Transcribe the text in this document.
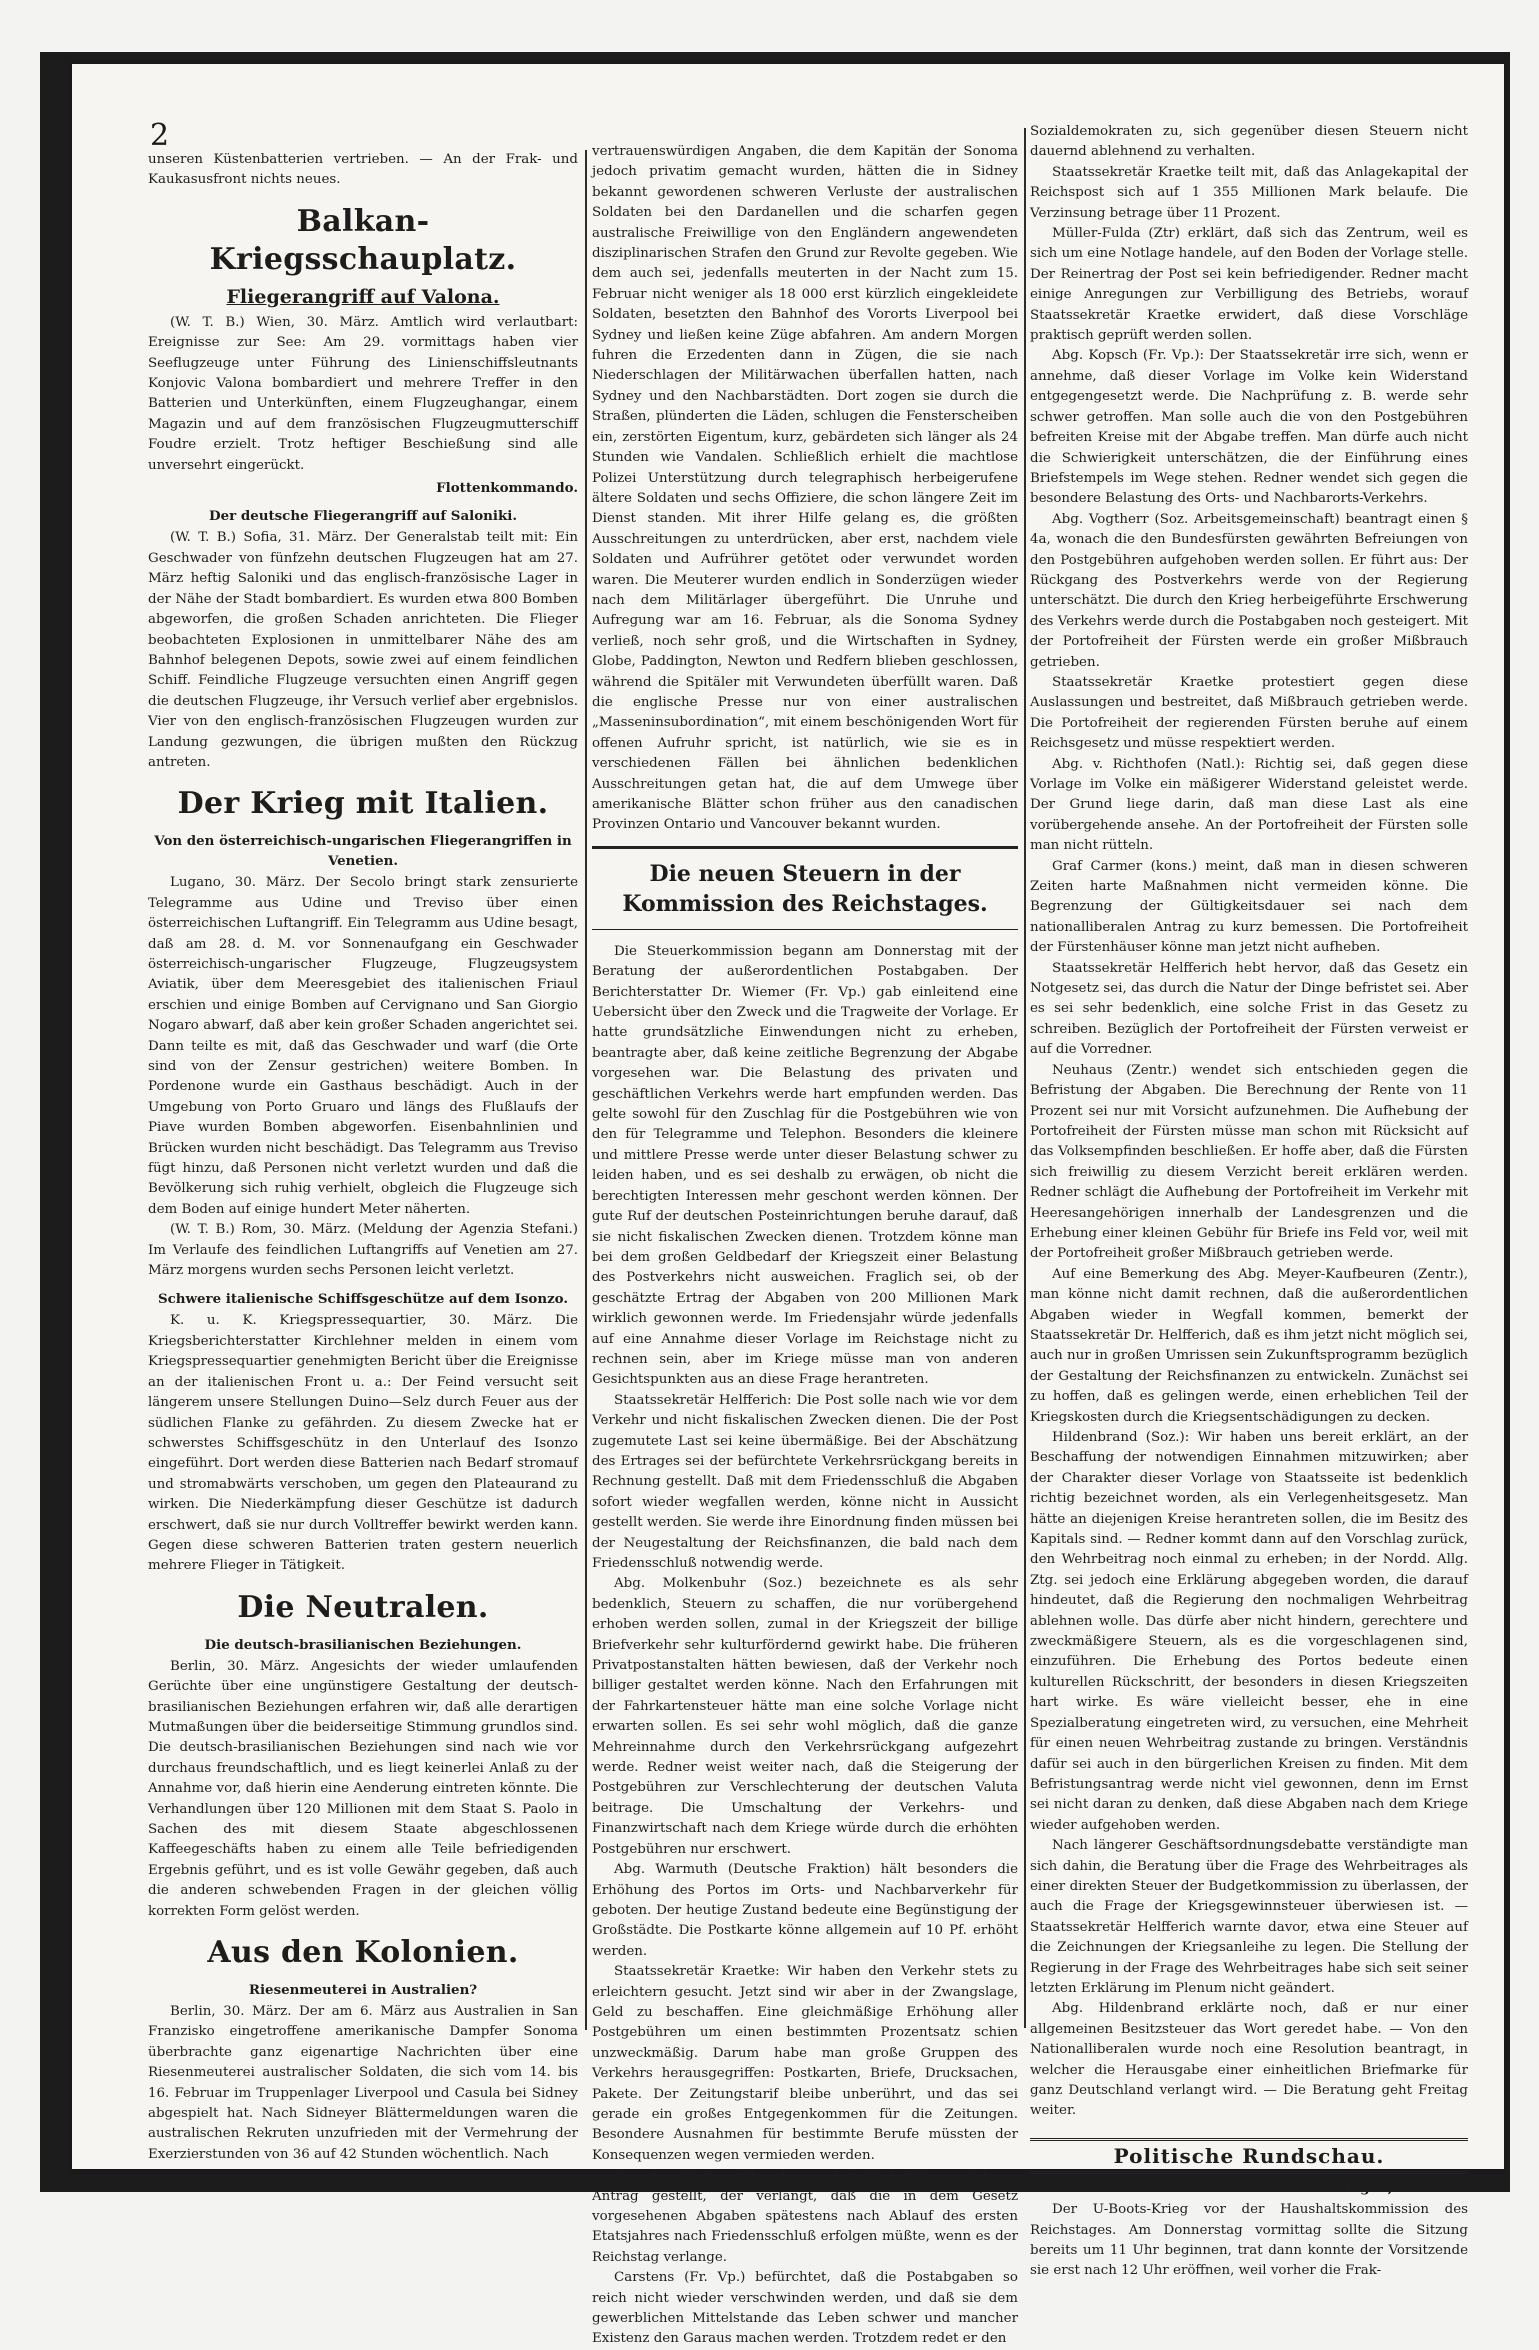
2

unseren Küstenbatterien vertrieben. — An der Frak- und Kaukasusfront nichts neues.

Balkan-Kriegsschauplatz.
Fliegerangriff auf Valona.

(W. T. B.) Wien, 30. März. Amtlich wird verlautbart: Ereignisse zur See: Am 29. vormittags haben vier Seeflugzeuge unter Führung des Linienschiffsleutnants Konjovic Valona bombardiert und mehrere Treffer in den Batterien und Unterkünften, einem Flugzeughangar, einem Magazin und auf dem französischen Flugzeugmutterschiff Foudre erzielt. Trotz heftiger Beschießung sind alle unversehrt eingerückt.

Flottenkommando.

Der deutsche Fliegerangriff auf Saloniki.

(W. T. B.) Sofia, 31. März. Der Generalstab teilt mit: Ein Geschwader von fünfzehn deutschen Flugzeugen hat am 27. März heftig Saloniki und das englisch-französische Lager in der Nähe der Stadt bombardiert. Es wurden etwa 800 Bomben abgeworfen, die großen Schaden anrichteten. Die Flieger beobachteten Explosionen in unmittelbarer Nähe des am Bahnhof belegenen Depots, sowie zwei auf einem feindlichen Schiff. Feindliche Flugzeuge versuchten einen Angriff gegen die deutschen Flugzeuge, ihr Versuch verlief aber ergebnislos. Vier von den englisch-französischen Flugzeugen wurden zur Landung gezwungen, die übrigen mußten den Rückzug antreten.

Der Krieg mit Italien.
Von den österreichisch-ungarischen Fliegerangriffen in Venetien.

Lugano, 30. März. Der Secolo bringt stark zensurierte Telegramme aus Udine und Treviso über einen österreichischen Luftangriff. Ein Telegramm aus Udine besagt, daß am 28. d. M. vor Sonnenaufgang ein Geschwader österreichisch-ungarischer Flugzeuge, Flugzeugsystem Aviatik, über dem Meeresgebiet des italienischen Friaul erschien und einige Bomben auf Cervignano und San Giorgio Nogaro abwarf, daß aber kein großer Schaden angerichtet sei. Dann teilte es mit, daß das Geschwader und warf (die Orte sind von der Zensur gestrichen) weitere Bomben. In Pordenone wurde ein Gasthaus beschädigt. Auch in der Umgebung von Porto Gruaro und längs des Flußlaufs der Piave wurden Bomben abgeworfen. Eisenbahnlinien und Brücken wurden nicht beschädigt. Das Telegramm aus Treviso fügt hinzu, daß Personen nicht verletzt wurden und daß die Bevölkerung sich ruhig verhielt, obgleich die Flugzeuge sich dem Boden auf einige hundert Meter näherten.

(W. T. B.) Rom, 30. März. (Meldung der Agenzia Stefani.) Im Verlaufe des feindlichen Luftangriffs auf Venetien am 27. März morgens wurden sechs Personen leicht verletzt.

Schwere italienische Schiffsgeschütze auf dem Isonzo.

K. u. K. Kriegspressequartier, 30. März. Die Kriegsberichterstatter Kirchlehner melden in einem vom Kriegspressequartier genehmigten Bericht über die Ereignisse an der italienischen Front u. a.: Der Feind versucht seit längerem unsere Stellungen Duino—Selz durch Feuer aus der südlichen Flanke zu gefährden. Zu diesem Zwecke hat er schwerstes Schiffsgeschütz in den Unterlauf des Isonzo eingeführt. Dort werden diese Batterien nach Bedarf stromauf und stromabwärts verschoben, um gegen den Plateaurand zu wirken. Die Niederkämpfung dieser Geschütze ist dadurch erschwert, daß sie nur durch Volltreffer bewirkt werden kann. Gegen diese schweren Batterien traten gestern neuerlich mehrere Flieger in Tätigkeit.

Die Neutralen.
Die deutsch-brasilianischen Beziehungen.

Berlin, 30. März. Angesichts der wieder umlaufenden Gerüchte über eine ungünstigere Gestaltung der deutsch-brasilianischen Beziehungen erfahren wir, daß alle derartigen Mutmaßungen über die beiderseitige Stimmung grundlos sind. Die deutsch-brasilianischen Beziehungen sind nach wie vor durchaus freundschaftlich, und es liegt keinerlei Anlaß zu der Annahme vor, daß hierin eine Aenderung eintreten könnte. Die Verhandlungen über 120 Millionen mit dem Staat S. Paolo in Sachen des mit diesem Staate abgeschlossenen Kaffeegeschäfts haben zu einem alle Teile befriedigenden Ergebnis geführt, und es ist volle Gewähr gegeben, daß auch die anderen schwebenden Fragen in der gleichen völlig korrekten Form gelöst werden.

Aus den Kolonien.
Riesenmeuterei in Australien?

Berlin, 30. März. Der am 6. März aus Australien in San Franzisko eingetroffene amerikanische Dampfer Sonoma überbrachte ganz eigenartige Nachrichten über eine Riesenmeuterei australischer Soldaten, die sich vom 14. bis 16. Februar im Truppenlager Liverpool und Casula bei Sidney abgespielt hat. Nach Sidneyer Blättermeldungen waren die australischen Rekruten unzufrieden mit der Vermehrung der Exerzierstunden von 36 auf 42 Stunden wöchentlich. Nach

vertrauenswürdigen Angaben, die dem Kapitän der Sonoma jedoch privatim gemacht wurden, hätten die in Sidney bekannt gewordenen schweren Verluste der australischen Soldaten bei den Dardanellen und die scharfen gegen australische Freiwillige von den Engländern angewendeten disziplinarischen Strafen den Grund zur Revolte gegeben. Wie dem auch sei, jedenfalls meuterten in der Nacht zum 15. Februar nicht weniger als 18 000 erst kürzlich eingekleidete Soldaten, besetzten den Bahnhof des Vororts Liverpool bei Sydney und ließen keine Züge abfahren. Am andern Morgen fuhren die Erzedenten dann in Zügen, die sie nach Niederschlagen der Militärwachen überfallen hatten, nach Sydney und den Nachbarstädten. Dort zogen sie durch die Straßen, plünderten die Läden, schlugen die Fensterscheiben ein, zerstörten Eigentum, kurz, gebärdeten sich länger als 24 Stunden wie Vandalen. Schließlich erhielt die machtlose Polizei Unterstützung durch telegraphisch herbeigerufene ältere Soldaten und sechs Offiziere, die schon längere Zeit im Dienst standen. Mit ihrer Hilfe gelang es, die größten Ausschreitungen zu unterdrücken, aber erst, nachdem viele Soldaten und Aufrührer getötet oder verwundet worden waren. Die Meuterer wurden endlich in Sonderzügen wieder nach dem Militärlager übergeführt. Die Unruhe und Aufregung war am 16. Februar, als die Sonoma Sydney verließ, noch sehr groß, und die Wirtschaften in Sydney, Globe, Paddington, Newton und Redfern blieben geschlossen, während die Spitäler mit Verwundeten überfüllt waren. Daß die englische Presse nur von einer australischen „Masseninsubordination“, mit einem beschönigenden Wort für offenen Aufruhr spricht, ist natürlich, wie sie es in verschiedenen Fällen bei ähnlichen bedenklichen Ausschreitungen getan hat, die auf dem Umwege über amerikanische Blätter schon früher aus den canadischen Provinzen Ontario und Vancouver bekannt wurden.

Die neuen Steuern in der Kommission des Reichstages.

Die Steuerkommission begann am Donnerstag mit der Beratung der außerordentlichen Postabgaben. Der Berichterstatter Dr. Wiemer (Fr. Vp.) gab einleitend eine Uebersicht über den Zweck und die Tragweite der Vorlage. Er hatte grundsätzliche Einwendungen nicht zu erheben, beantragte aber, daß keine zeitliche Begrenzung der Abgabe vorgesehen war. Die Belastung des privaten und geschäftlichen Verkehrs werde hart empfunden werden. Das gelte sowohl für den Zuschlag für die Postgebühren wie von den für Telegramme und Telephon. Besonders die kleinere und mittlere Presse werde unter dieser Belastung schwer zu leiden haben, und es sei deshalb zu erwägen, ob nicht die berechtigten Interessen mehr geschont werden können. Der gute Ruf der deutschen Posteinrichtungen beruhe darauf, daß sie nicht fiskalischen Zwecken dienen. Trotzdem könne man bei dem großen Geldbedarf der Kriegszeit einer Belastung des Postverkehrs nicht ausweichen. Fraglich sei, ob der geschätzte Ertrag der Abgaben von 200 Millionen Mark wirklich gewonnen werde. Im Friedensjahr würde jedenfalls auf eine Annahme dieser Vorlage im Reichstage nicht zu rechnen sein, aber im Kriege müsse man von anderen Gesichtspunkten aus an diese Frage herantreten.

Staatssekretär Helfferich: Die Post solle nach wie vor dem Verkehr und nicht fiskalischen Zwecken dienen. Die der Post zugemutete Last sei keine übermäßige. Bei der Abschätzung des Ertrages sei der befürchtete Verkehrsrückgang bereits in Rechnung gestellt. Daß mit dem Friedensschluß die Abgaben sofort wieder wegfallen werden, könne nicht in Aussicht gestellt werden. Sie werde ihre Einordnung finden müssen bei der Neugestaltung der Reichsfinanzen, die bald nach dem Friedensschluß notwendig werde.

Abg. Molkenbuhr (Soz.) bezeichnete es als sehr bedenklich, Steuern zu schaffen, die nur vorübergehend erhoben werden sollen, zumal in der Kriegszeit der billige Briefverkehr sehr kulturfördernd gewirkt habe. Die früheren Privatpostanstalten hätten bewiesen, daß der Verkehr noch billiger gestaltet werden könne. Nach den Erfahrungen mit der Fahrkartensteuer hätte man eine solche Vorlage nicht erwarten sollen. Es sei sehr wohl möglich, daß die ganze Mehreinnahme durch den Verkehrsrückgang aufgezehrt werde. Redner weist weiter nach, daß die Steigerung der Postgebühren zur Verschlechterung der deutschen Valuta beitrage. Die Umschaltung der Verkehrs- und Finanzwirtschaft nach dem Kriege würde durch die erhöhten Postgebühren nur erschwert.

Abg. Warmuth (Deutsche Fraktion) hält besonders die Erhöhung des Portos im Orts- und Nachbarverkehr für geboten. Der heutige Zustand bedeute eine Begünstigung der Großstädte. Die Postkarte könne allgemein auf 10 Pf. erhöht werden.

Staatssekretär Kraetke: Wir haben den Verkehr stets zu erleichtern gesucht. Jetzt sind wir aber in der Zwangslage, Geld zu beschaffen. Eine gleichmäßige Erhöhung aller Postgebühren um einen bestimmten Prozentsatz schien unzweckmäßig. Darum habe man große Gruppen des Verkehrs herausgegriffen: Postkarten, Briefe, Drucksachen, Pakete. Der Zeitungstarif bleibe unberührt, und das sei gerade ein großes Entgegenkommen für die Zeitungen. Besondere Ausnahmen für bestimmte Berufe müssten der Konsequenzen wegen vermieden werden.

Von den Nationalliberalen und Fortschrittlern wird ein Antrag gestellt, der verlangt, daß die in dem Gesetz vorgesehenen Abgaben spätestens nach Ablauf des ersten Etatsjahres nach Friedensschluß erfolgen müßte, wenn es der Reichstag verlange.

Carstens (Fr. Vp.) befürchtet, daß die Postabgaben so reich nicht wieder verschwinden werden, und daß sie dem gewerblichen Mittelstande das Leben schwer und mancher Existenz den Garaus machen werden. Trotzdem redet er den

Sozialdemokraten zu, sich gegenüber diesen Steuern nicht dauernd ablehnend zu verhalten.

Staatssekretär Kraetke teilt mit, daß das Anlagekapital der Reichspost sich auf 1 355 Millionen Mark belaufe. Die Verzinsung betrage über 11 Prozent.

Müller-Fulda (Ztr) erklärt, daß sich das Zentrum, weil es sich um eine Notlage handele, auf den Boden der Vorlage stelle. Der Reinertrag der Post sei kein befriedigender. Redner macht einige Anregungen zur Verbilligung des Betriebs, worauf Staatssekretär Kraetke erwidert, daß diese Vorschläge praktisch geprüft werden sollen.

Abg. Kopsch (Fr. Vp.): Der Staatssekretär irre sich, wenn er annehme, daß dieser Vorlage im Volke kein Widerstand entgegengesetzt werde. Die Nachprüfung z. B. werde sehr schwer getroffen. Man solle auch die von den Postgebühren befreiten Kreise mit der Abgabe treffen. Man dürfe auch nicht die Schwierigkeit unterschätzen, die der Einführung eines Briefstempels im Wege stehen. Redner wendet sich gegen die besondere Belastung des Orts- und Nachbarorts-Verkehrs.

Abg. Vogtherr (Soz. Arbeitsgemeinschaft) beantragt einen § 4a, wonach die den Bundesfürsten gewährten Befreiungen von den Postgebühren aufgehoben werden sollen. Er führt aus: Der Rückgang des Postverkehrs werde von der Regierung unterschätzt. Die durch den Krieg herbeigeführte Erschwerung des Verkehrs werde durch die Postabgaben noch gesteigert. Mit der Portofreiheit der Fürsten werde ein großer Mißbrauch getrieben.

Staatssekretär Kraetke protestiert gegen diese Auslassungen und bestreitet, daß Mißbrauch getrieben werde. Die Portofreiheit der regierenden Fürsten beruhe auf einem Reichsgesetz und müsse respektiert werden.

Abg. v. Richthofen (Natl.): Richtig sei, daß gegen diese Vorlage im Volke ein mäßigerer Widerstand geleistet werde. Der Grund liege darin, daß man diese Last als eine vorübergehende ansehe. An der Portofreiheit der Fürsten solle man nicht rütteln.

Graf Carmer (kons.) meint, daß man in diesen schweren Zeiten harte Maßnahmen nicht vermeiden könne. Die Begrenzung der Gültigkeitsdauer sei nach dem nationalliberalen Antrag zu kurz bemessen. Die Portofreiheit der Fürstenhäuser könne man jetzt nicht aufheben.

Staatssekretär Helfferich hebt hervor, daß das Gesetz ein Notgesetz sei, das durch die Natur der Dinge befristet sei. Aber es sei sehr bedenklich, eine solche Frist in das Gesetz zu schreiben. Bezüglich der Portofreiheit der Fürsten verweist er auf die Vorredner.

Neuhaus (Zentr.) wendet sich entschieden gegen die Befristung der Abgaben. Die Berechnung der Rente von 11 Prozent sei nur mit Vorsicht aufzunehmen. Die Aufhebung der Portofreiheit der Fürsten müsse man schon mit Rücksicht auf das Volksempfinden beschließen. Er hoffe aber, daß die Fürsten sich freiwillig zu diesem Verzicht bereit erklären werden. Redner schlägt die Aufhebung der Portofreiheit im Verkehr mit Heeresangehörigen innerhalb der Landesgrenzen und die Erhebung einer kleinen Gebühr für Briefe ins Feld vor, weil mit der Portofreiheit großer Mißbrauch getrieben werde.

Auf eine Bemerkung des Abg. Meyer-Kaufbeuren (Zentr.), man könne nicht damit rechnen, daß die außerordentlichen Abgaben wieder in Wegfall kommen, bemerkt der Staatssekretär Dr. Helfferich, daß es ihm jetzt nicht möglich sei, auch nur in großen Umrissen sein Zukunftsprogramm bezüglich der Gestaltung der Reichsfinanzen zu entwickeln. Zunächst sei zu hoffen, daß es gelingen werde, einen erheblichen Teil der Kriegskosten durch die Kriegsentschädigungen zu decken.

Hildenbrand (Soz.): Wir haben uns bereit erklärt, an der Beschaffung der notwendigen Einnahmen mitzuwirken; aber der Charakter dieser Vorlage von Staatsseite ist bedenklich richtig bezeichnet worden, als ein Verlegenheitsgesetz. Man hätte an diejenigen Kreise herantreten sollen, die im Besitz des Kapitals sind. — Redner kommt dann auf den Vorschlag zurück, den Wehrbeitrag noch einmal zu erheben; in der Nordd. Allg. Ztg. sei jedoch eine Erklärung abgegeben worden, die darauf hindeutet, daß die Regierung den nochmaligen Wehrbeitrag ablehnen wolle. Das dürfe aber nicht hindern, gerechtere und zweckmäßigere Steuern, als es die vorgeschlagenen sind, einzuführen. Die Erhebung des Portos bedeute einen kulturellen Rückschritt, der besonders in diesen Kriegszeiten hart wirke. Es wäre vielleicht besser, ehe in eine Spezialberatung eingetreten wird, zu versuchen, eine Mehrheit für einen neuen Wehrbeitrag zustande zu bringen. Verständnis dafür sei auch in den bürgerlichen Kreisen zu finden. Mit dem Befristungsantrag werde nicht viel gewonnen, denn im Ernst sei nicht daran zu denken, daß diese Abgaben nach dem Kriege wieder aufgehoben werden.

Nach längerer Geschäftsordnungsdebatte verständigte man sich dahin, die Beratung über die Frage des Wehrbeitrages als einer direkten Steuer der Budgetkommission zu überlassen, der auch die Frage der Kriegsgewinnsteuer überwiesen ist. — Staatssekretär Helfferich warnte davor, etwa eine Steuer auf die Zeichnungen der Kriegsanleihe zu legen. Die Stellung der Regierung in der Frage des Wehrbeitrages habe sich seit seiner letzten Erklärung im Plenum nicht geändert.

Abg. Hildenbrand erklärte noch, daß er nur einer allgemeinen Besitzsteuer das Wort geredet habe. — Von den Nationalliberalen wurde noch eine Resolution beantragt, in welcher die Herausgabe einer einheitlichen Briefmarke für ganz Deutschland verlangt wird. — Die Beratung geht Freitag weiter.

Politische Rundschau.

Kültringen, 31. März.

Der U-Boots-Krieg vor der Haushaltskommission des Reichstages. Am Donnerstag vormittag sollte die Sitzung bereits um 11 Uhr beginnen, trat dann konnte der Vorsitzende sie erst nach 12 Uhr eröffnen, weil vorher die Frak-
